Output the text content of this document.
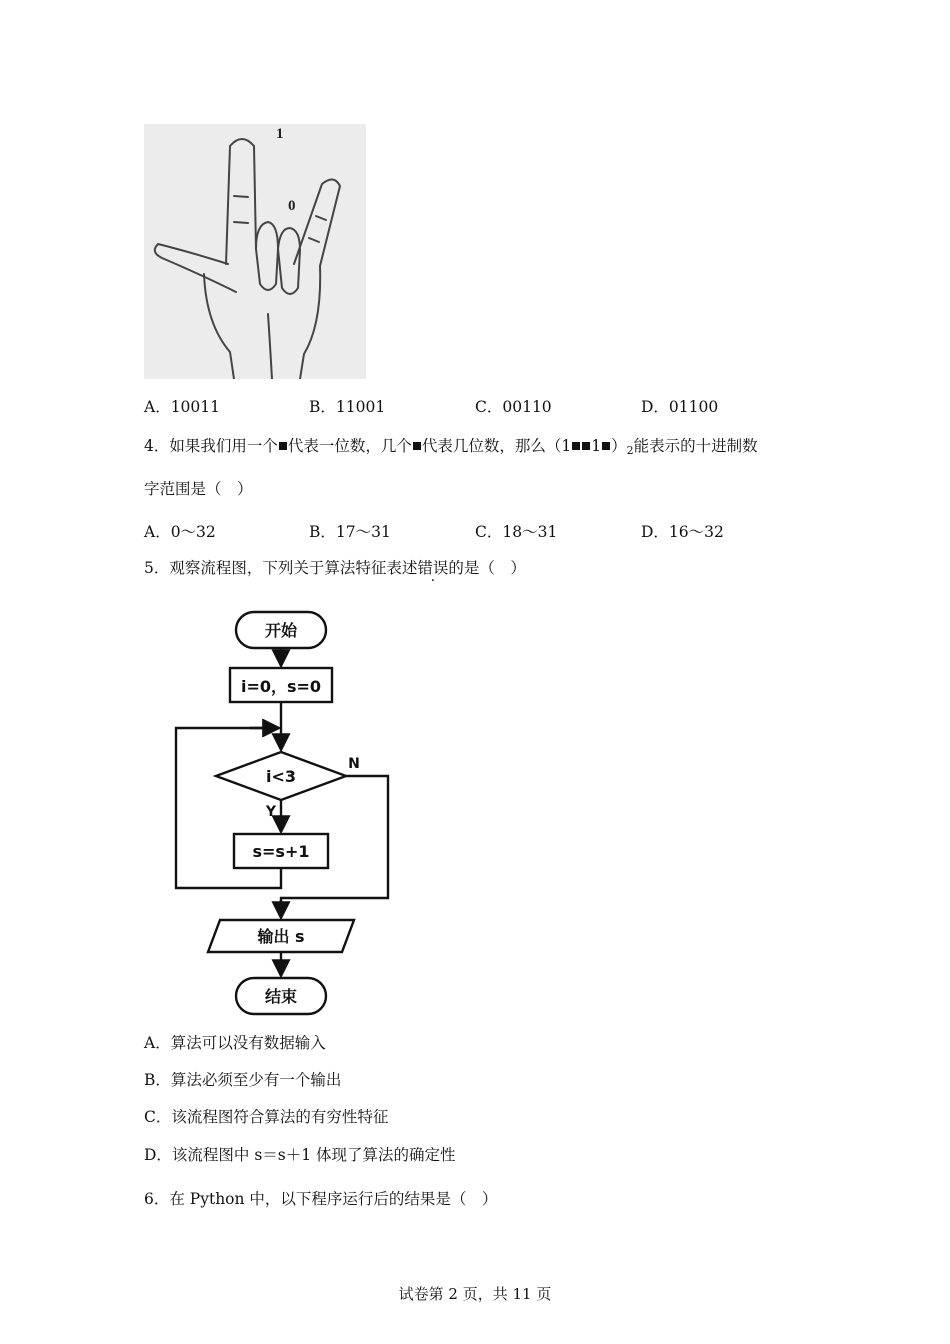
1
0
A．10011	B．11001	C．00110	D．01100
4．如果我们用一个 代表一位数，几个 代表几位数，那么（1 1 ）$_2$能表示的十进制数
字范围是（　）
A．0～32	B．17～31	C．18～31	D．16～32
5．观察流程图，下列关于算法特征表述错误的是（　）
开始
i=0，s=0
i<3
N
Y
s=s+1
输出 s
结束
A．算法可以没有数据输入
B．算法必须至少有一个输出
C．该流程图符合算法的有穷性特征
D．该流程图中 s＝s＋1 体现了算法的确定性
6．在 Python 中，以下程序运行后的结果是（　）
试卷第 2 页，共 11 页
